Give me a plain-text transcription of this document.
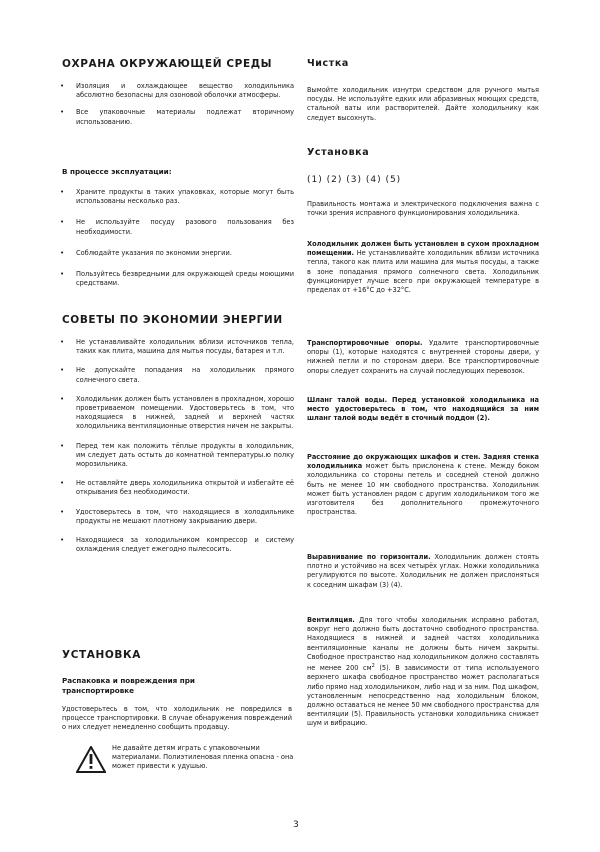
ОХРАНА ОКРУЖАЮЩЕЙ СРЕДЫ
• Изоляция и охлаждающее вещество холодильника абсолютно безопасны для озоновой оболочки атмосферы.
• Все упаковочные материалы подлежат вторичному использованию.
В процессе эксплуатации:
• Храните продукты в таких упаковках, которые могут быть использованы несколько раз.
• Не используйте посуду разового пользования без необходимости.
• Соблюдайте указания по экономии энергии.
• Пользуйтесь безвредными для окружающей среды моющими средствами.
СОВЕТЫ ПО ЭКОНОМИИ ЭНЕРГИИ
• Не устанавливайте холодильник вблизи источников тепла, таких как плита, машина для мытья посуды, батарея и т.п.
• Не допускайте попадания на холодильник прямого солнечного света.
• Холодильник должен быть установлен в прохладном, хорошо проветриваемом помещении. Удостоверьтесь в том, что находящиеся в нижней, задней и верхней частях холодильника вентиляционные отверстия ничем не закрыты.
• Перед тем как положить тёплые продукты в холодильник, им следует дать остыть до комнатной температуры.ю полку морозильника.
• Не оставляйте дверь холодильника открытой и избегайте её открывания без необходимости.
• Удостоверьтесь в том, что находящиеся в холодильнике продукты не мешают плотному закрыванию двери.
• Находящиеся за холодильником компрессор и систему охлаждения следует ежегодно пылесосить.
УСТАНОВКА
Распаковка и повреждения при
транспортировке

Удостоверьтесь в том, что холодильник не повредился в процессе транспортировки. В случае обнаружения повреждений о них следует немедленно сообщить продавцу.

Не давайте детям играть с упаковочными материалами. Полиэтиленовая пленка опасна - она может привести к удушью.

Чистка

Вымойте холодильник изнутри средством для ручного мытья посуды. Не используйте едких или абразивных моющих средств, стальной ваты или растворителей. Дайте холодильнику как следует высохнуть.

Установка

(1) (2) (3) (4) (5)

Правильность монтажа и электрического подключения важна с точки зрения исправного функционирования холодильника.

Холодильник должен быть установлен в сухом прохладном помещении. Не устанавливайте холодильник вблизи источника тепла, такого как плита или машина для мытья посуды, а также в зоне попадания прямого солнечного света. Холодильник функционирует лучше всего при окружающей температуре в пределах от +16°С до +32°С.

Транспортировочные опоры. Удалите транспортировочные опоры (1), которые находятся с внутренней стороны двери, у нижней петли и по сторонам двери. Все транспортировочные опоры следует сохранить на случай последующих перевозок.

Шланг талой воды. Перед установкой холодильника на место удостоверьтесь в том, что находящийся за ним шланг талой воды ведёт в сточный поддон (2).

Расстояние до окружающих шкафов и стен. Задняя стенка холодильника может быть прислонена к стене. Между боком холодильника со стороны петель и соседней стеной должно быть не менее 10 мм свободного пространства. Холодильник может быть установлен рядом с другим холодильником того же изготовителя без дополнительного промежуточного пространства.

Выравнивание по горизонтали. Холодильник должен стоять плотно и устойчиво на всех четырёх углах. Ножки холодильника регулируются по высоте. Холодильник не должен прислоняться к соседним шкафам (3) (4).

Вентиляция. Для того чтобы холодильник исправно работал, вокруг него должно быть достаточно свободного пространства. Находящиеся в нижней и задней частях холодильника вентиляционные каналы не должны быть ничем закрыты. Свободное пространство над холодильником должно составлять не менее 200 $см^2$ (5). В зависимости от типа используемого верхнего шкафа свободное пространство может располагаться либо прямо над холодильником, либо над и за ним. Под шкафом, установленным непосредственно над холодильным блоком, должно оставаться не менее 50 мм свободного пространства для вентиляции (5). Правильность установки холодильника снижает шум и вибрацию.

3
